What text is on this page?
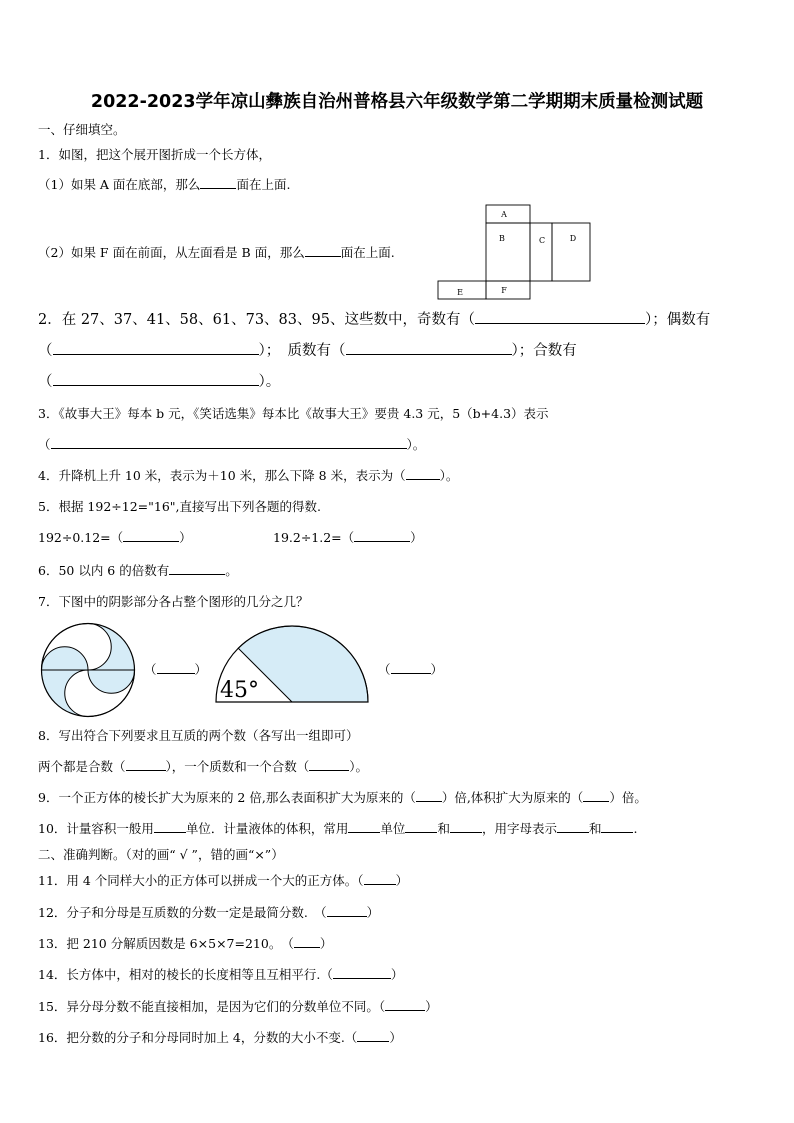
2022-2023学年凉山彝族自治州普格县六年级数学第二学期期末质量检测试题
一、仔细填空。
1．如图，把这个展开图折成一个长方体，
（1）如果 A 面在底部，那么	面在上面.
（2）如果 F 面在前面，从左面看是 B 面，那么	面在上面.
A
B	C	D
E	F
2．在 27、37、41、58、61、73、83、95、这些数中，奇数有（	）；偶数有
（	）；　质数有（	）；合数有
（	）。
3．《故事大王》每本 b 元，《笑话选集》每本比《故事大王》要贵 4.3 元，5（b+4.3）表示
（	）。
4．升降机上升 10 米，表示为＋10 米，那么下降 8 米，表示为（	）。
5．根据 192÷12="16",直接写出下列各题的得数.
192÷0.12=（	）	19.2÷1.2=（	）
6．50 以内 6 的倍数有	。
7．下图中的阴影部分各占整个图形的几分之几？
（	）
45°
（	）
8．写出符合下列要求且互质的两个数（各写出一组即可）
两个都是合数（	），一个质数和一个合数（	）。
9．一个正方体的棱长扩大为原来的 2 倍,那么表面积扩大为原来的（ ）倍,体积扩大为原来的（ ）倍。
10．计量容积一般用	单位．计量液体的体积，常用	单位	和	，用字母表示	和	.
二、准确判断。（对的画“ √ ”，错的画“×”）
11．用 4 个同样大小的正方体可以拼成一个大的正方体。（	）
12．分子和分母是互质数的分数一定是最简分数.　（	）
13．把 210 分解质因数是 6×5×7=210。　（ ）
14．长方体中，相对的棱长的长度相等且互相平行.（	）
15．异分母分数不能直接相加，是因为它们的分数单位不同。（	）
16．把分数的分子和分母同时加上 4，分数的大小不变.（	）
